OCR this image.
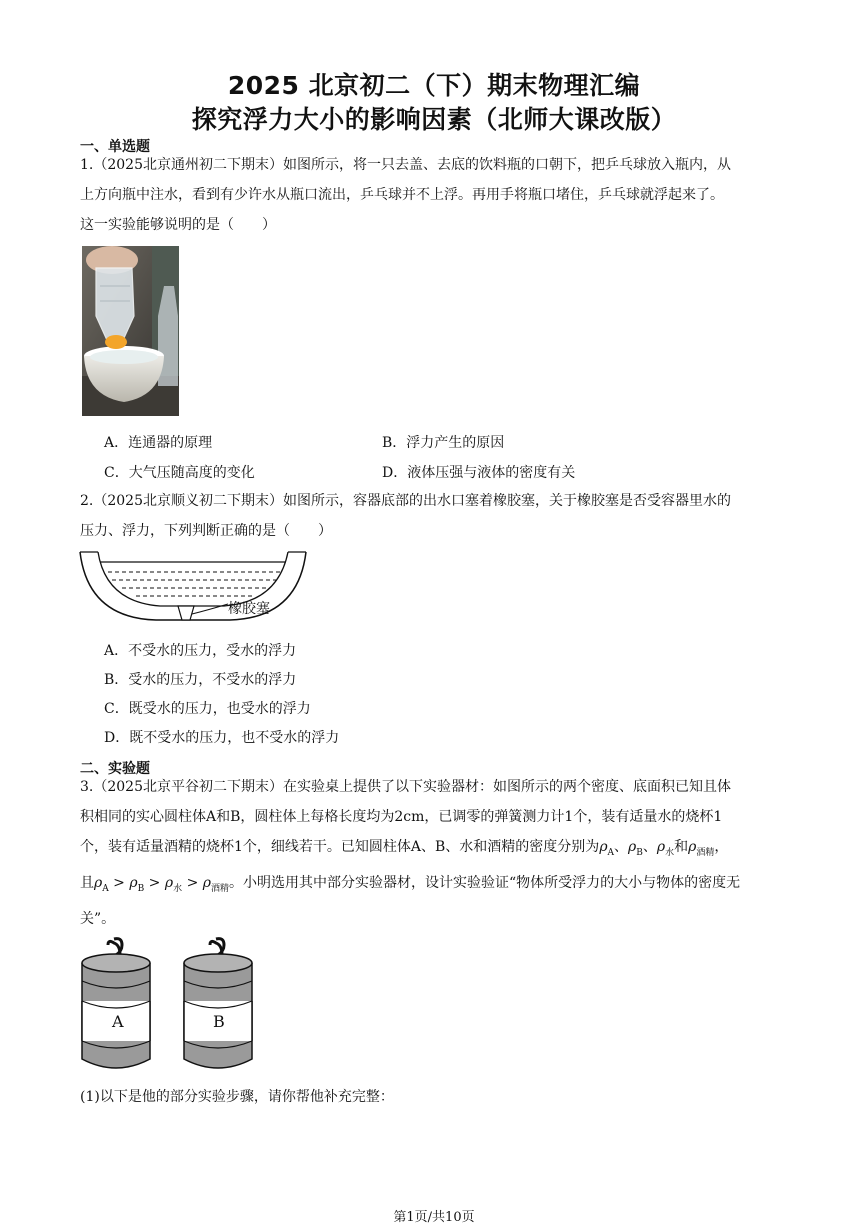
2025 北京初二（下）期末物理汇编
探究浮力大小的影响因素（北师大课改版）
一、单选题
1.（2025北京通州初二下期末）如图所示，将一只去盖、去底的饮料瓶的口朝下，把乒乓球放入瓶内，从
上方向瓶中注水，看到有少许水从瓶口流出，乒乓球并不上浮。再用手将瓶口堵住，乒乓球就浮起来了。
这一实验能够说明的是（　　）
A．连通器的原理	B．浮力产生的原因
C．大气压随高度的变化	D．液体压强与液体的密度有关
2.（2025北京顺义初二下期末）如图所示，容器底部的出水口塞着橡胶塞，关于橡胶塞是否受容器里水的
压力、浮力，下列判断正确的是（　　）
橡胶塞
A．不受水的压力，受水的浮力
B．受水的压力，不受水的浮力
C．既受水的压力，也受水的浮力
D．既不受水的压力，也不受水的浮力
二、实验题
3.（2025北京平谷初二下期末）在实验桌上提供了以下实验器材：如图所示的两个密度、底面积已知且体
积相同的实心圆柱体A和B，圆柱体上每格长度均为2cm，已调零的弹簧测力计1个，装有适量水的烧杯1
个，装有适量酒精的烧杯1个，细线若干。已知圆柱体A、B、水和酒精的密度分别为$\rho_A$、$\rho_B$、$\rho_水$和$\rho_{酒精}$，
且$\rho_A > \rho_B > \rho_水 > \rho_{酒精}$。小明选用其中部分实验器材，设计实验验证“物体所受浮力的大小与物体的密度无
关”。
A	B
(1)以下是他的部分实验步骤，请你帮他补充完整：
第1页/共10页
